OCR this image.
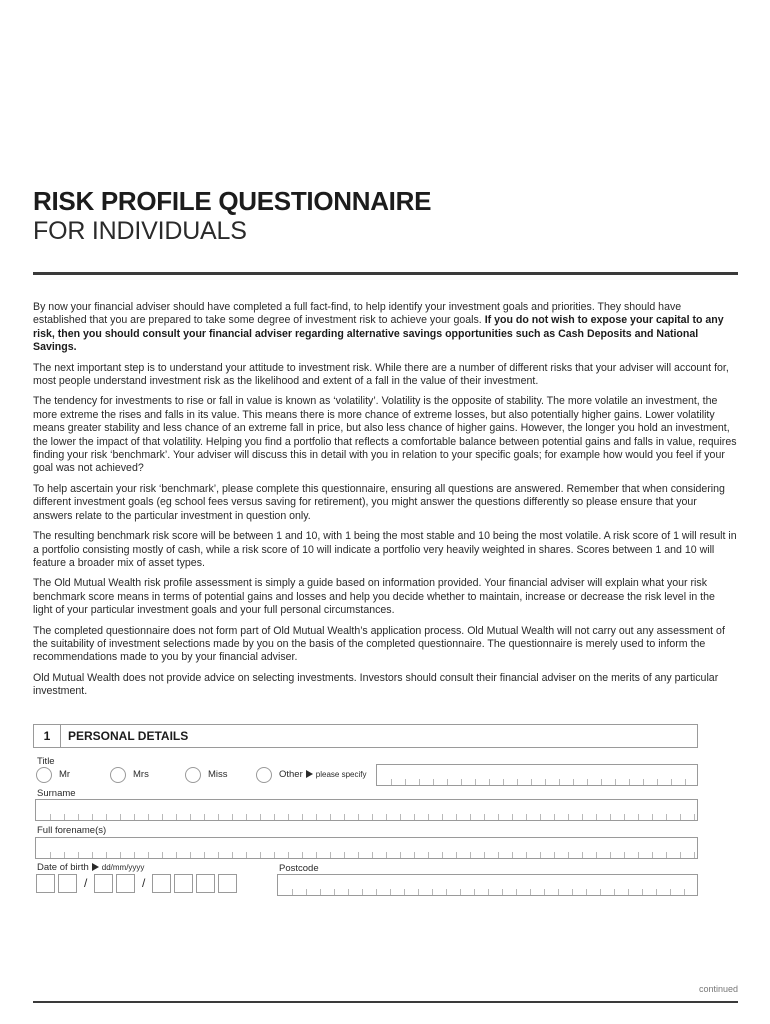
RISK PROFILE QUESTIONNAIRE
FOR INDIVIDUALS

By now your financial adviser should have completed a full fact-find, to help identify your investment goals and priorities. They should have established that you are prepared to take some degree of investment risk to achieve your goals. If you do not wish to expose your capital to any risk, then you should consult your financial adviser regarding alternative savings opportunities such as Cash Deposits and National Savings.

The next important step is to understand your attitude to investment risk. While there are a number of different risks that your adviser will account for, most people understand investment risk as the likelihood and extent of a fall in the value of their investment.

The tendency for investments to rise or fall in value is known as ‘volatility’. Volatility is the opposite of stability. The more volatile an investment, the more extreme the rises and falls in its value. This means there is more chance of extreme losses, but also potentially higher gains. Lower volatility means greater stability and less chance of an extreme fall in price, but also less chance of higher gains. However, the longer you hold an investment, the lower the impact of that volatility. Helping you find a portfolio that reflects a comfortable balance between potential gains and falls in value, requires finding your risk ‘benchmark’. Your adviser will discuss this in detail with you in relation to your specific goals; for example how would you feel if your goal was not achieved?

To help ascertain your risk ‘benchmark’, please complete this questionnaire, ensuring all questions are answered. Remember that when considering different investment goals (eg school fees versus saving for retirement), you might answer the questions differently so please ensure that your answers relate to the particular investment in question only.

The resulting benchmark risk score will be between 1 and 10, with 1 being the most stable and 10 being the most volatile. A risk score of 1 will result in a portfolio consisting mostly of cash, while a risk score of 10 will indicate a portfolio very heavily weighted in shares. Scores between 1 and 10 will feature a broader mix of asset types.

The Old Mutual Wealth risk profile assessment is simply a guide based on information provided. Your financial adviser will explain what your risk benchmark score means in terms of potential gains and losses and help you decide whether to maintain, increase or decrease the risk level in the light of your particular investment goals and your full personal circumstances.

The completed questionnaire does not form part of Old Mutual Wealth’s application process. Old Mutual Wealth will not carry out any assessment of the suitability of investment selections made by you on the basis of the completed questionnaire. The questionnaire is merely used to inform the recommendations made to you by your financial adviser.

Old Mutual Wealth does not provide advice on selecting investments. Investors should consult their financial adviser on the merits of any particular investment.

1	PERSONAL DETAILS
Title
Mr	Mrs	Miss	Other please specify
Surname
Full forename(s)
Date of birth dd/mm/yyyy
/	/
Postcode
continued
